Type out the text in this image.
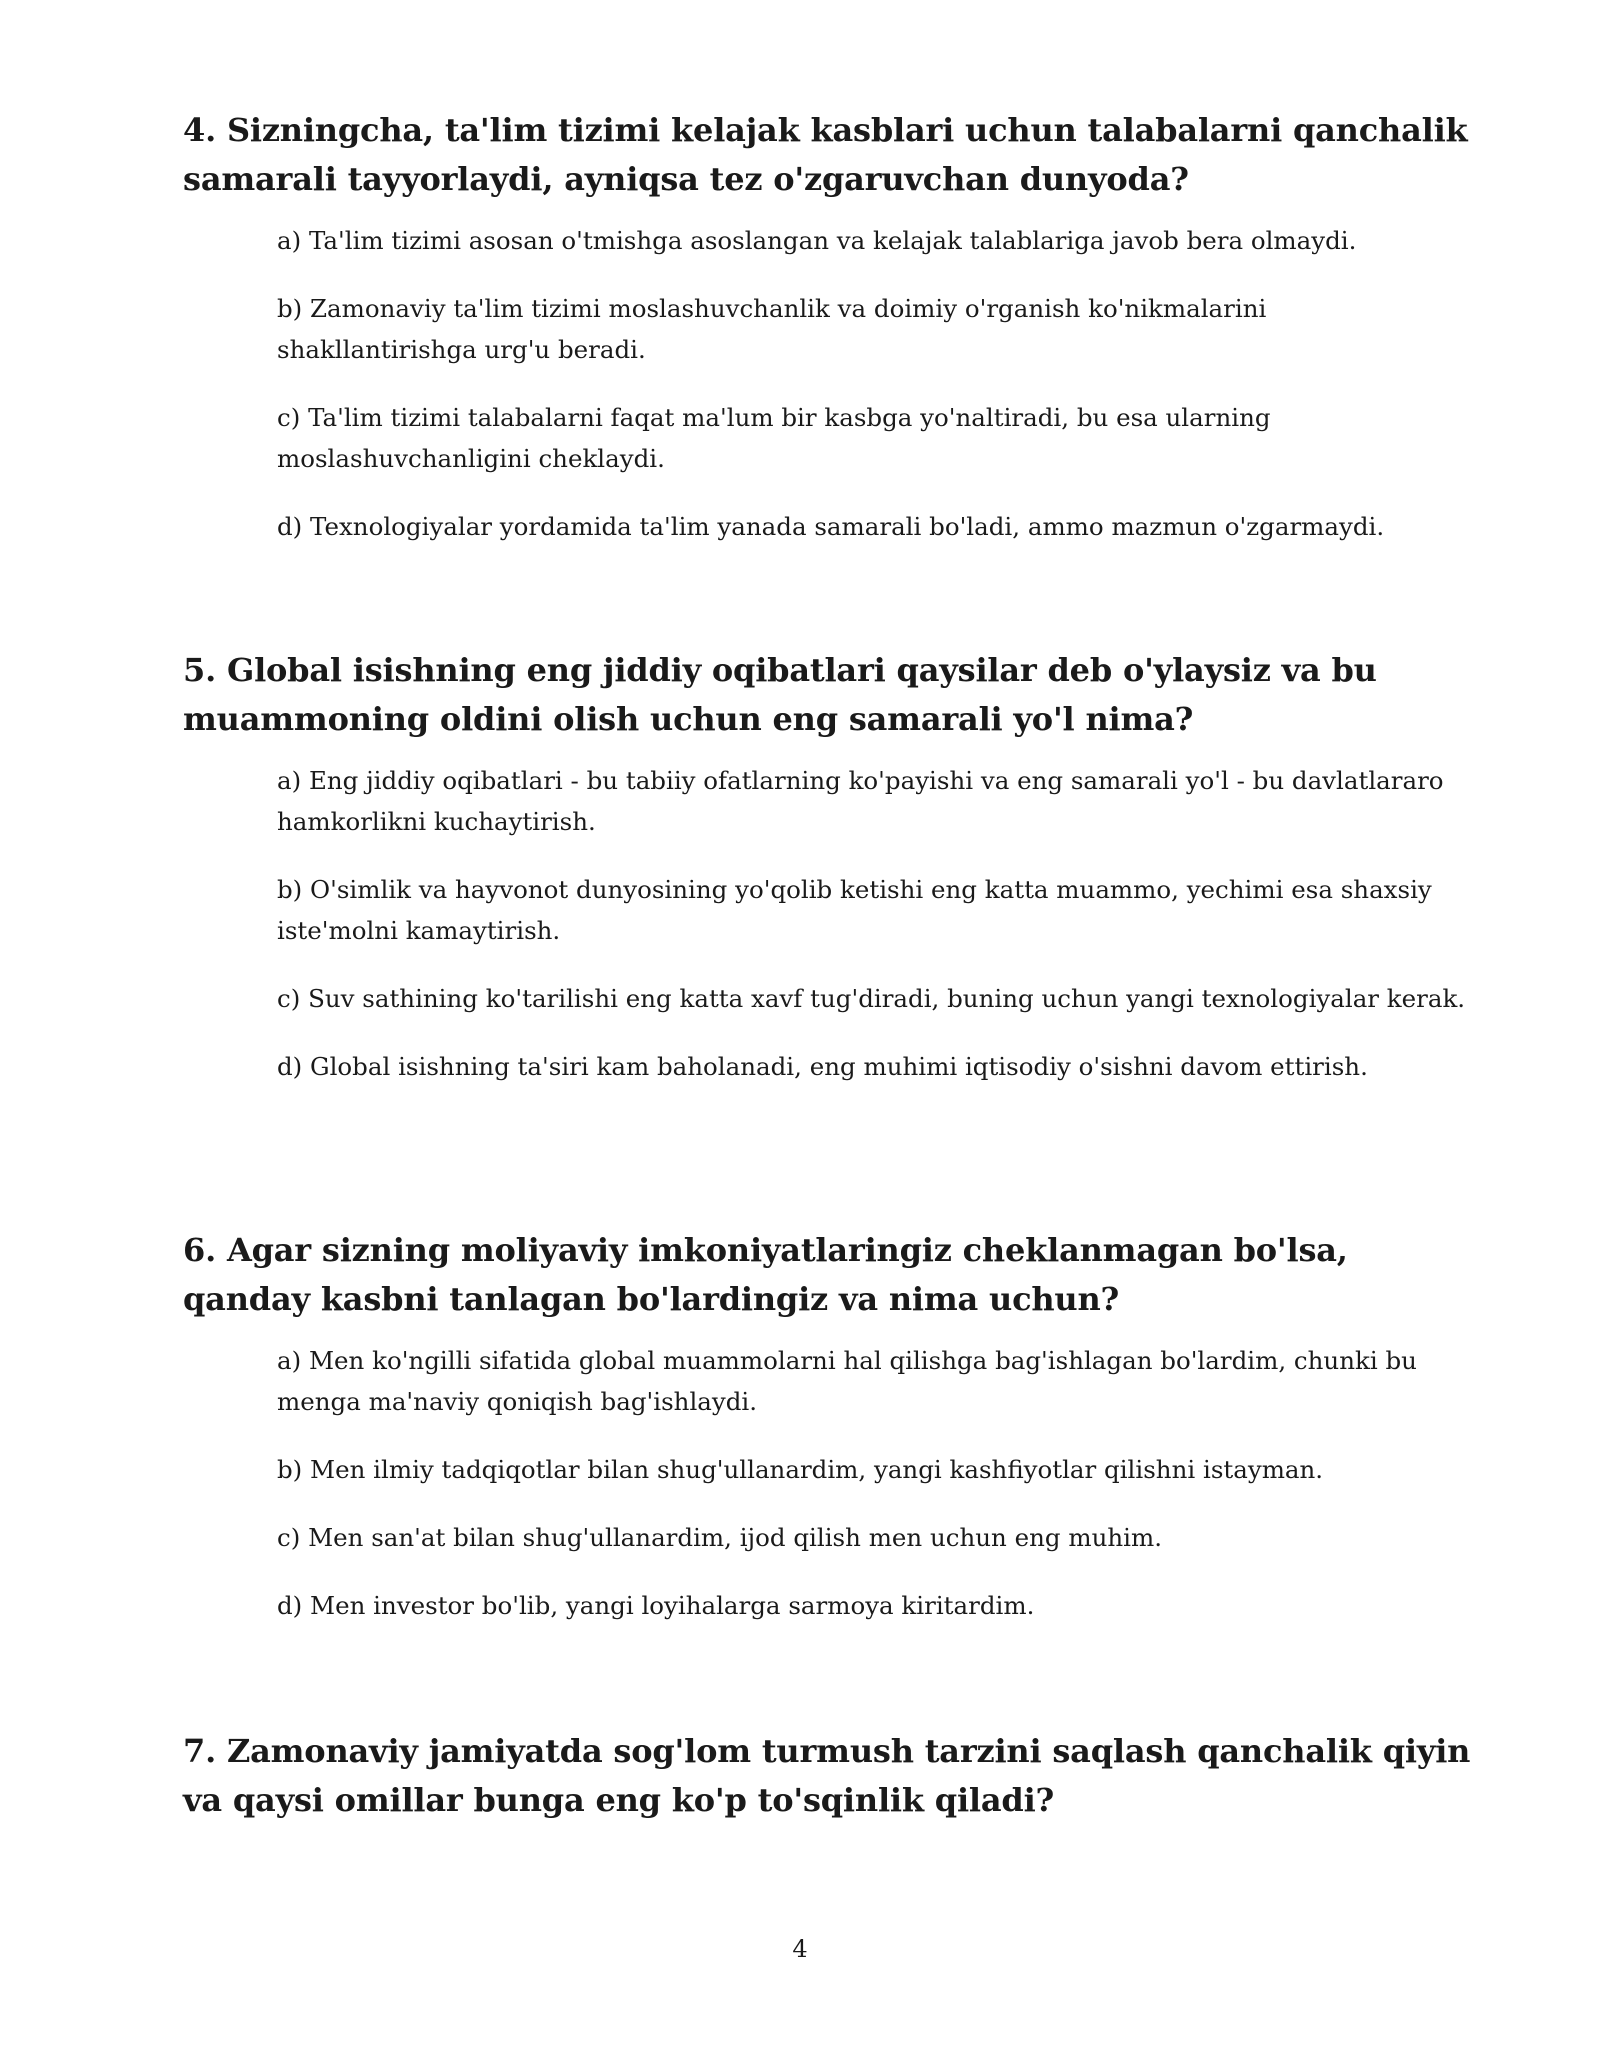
4. Sizningcha, ta'lim tizimi kelajak kasblari uchun talabalarni qanchalik samarali tayyorlaydi, ayniqsa tez o'zgaruvchan dunyoda?

a) Ta'lim tizimi asosan o'tmishga asoslangan va kelajak talablariga javob bera olmaydi.

b) Zamonaviy ta'lim tizimi moslashuvchanlik va doimiy o'rganish ko'nikmalarini shakllantirishga urg'u beradi.

c) Ta'lim tizimi talabalarni faqat ma'lum bir kasbga yo'naltiradi, bu esa ularning moslashuvchanligini cheklaydi.

d) Texnologiyalar yordamida ta'lim yanada samarali bo'ladi, ammo mazmun o'zgarmaydi.

5. Global isishning eng jiddiy oqibatlari qaysilar deb o'ylaysiz va bu muammoning oldini olish uchun eng samarali yo'l nima?

a) Eng jiddiy oqibatlari - bu tabiiy ofatlarning ko'payishi va eng samarali yo'l - bu davlatlararo hamkorlikni kuchaytirish.

b) O'simlik va hayvonot dunyosining yo'qolib ketishi eng katta muammo, yechimi esa shaxsiy iste'molni kamaytirish.

c) Suv sathining ko'tarilishi eng katta xavf tug'diradi, buning uchun yangi texnologiyalar kerak.

d) Global isishning ta'siri kam baholanadi, eng muhimi iqtisodiy o'sishni davom ettirish.

6. Agar sizning moliyaviy imkoniyatlaringiz cheklanmagan bo'lsa, qanday kasbni tanlagan bo'lardingiz va nima uchun?

a) Men ko'ngilli sifatida global muammolarni hal qilishga bag'ishlagan bo'lardim, chunki bu menga ma'naviy qoniqish bag'ishlaydi.

b) Men ilmiy tadqiqotlar bilan shug'ullanardim, yangi kashfiyotlar qilishni istayman.

c) Men san'at bilan shug'ullanardim, ijod qilish men uchun eng muhim.

d) Men investor bo'lib, yangi loyihalarga sarmoya kiritardim.

7. Zamonaviy jamiyatda sog'lom turmush tarzini saqlash qanchalik qiyin va qaysi omillar bunga eng ko'p to'sqinlik qiladi?
4
